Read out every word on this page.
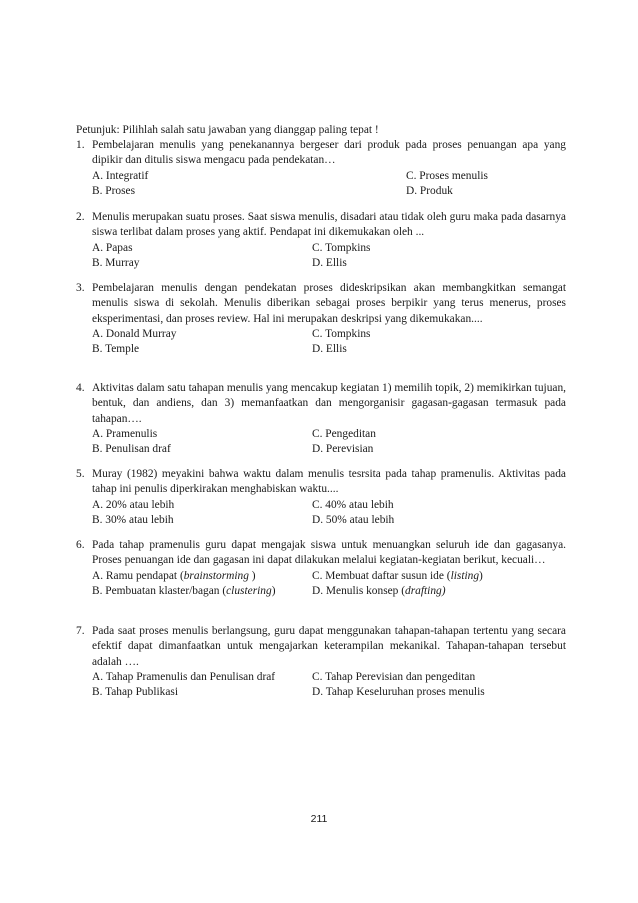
Petunjuk: Pilihlah salah satu jawaban yang dianggap paling tepat !
1. Pembelajaran menulis yang penekanannya bergeser dari produk pada proses penuangan apa yang dipikir dan ditulis siswa mengacu pada pendekatan…
A. Integratif	C. Proses menulis
B. Proses	D. Produk
2. Menulis merupakan suatu proses. Saat siswa menulis, disadari atau tidak oleh guru maka pada dasarnya siswa terlibat dalam proses yang aktif. Pendapat ini dikemukakan oleh ...
A. Papas	C. Tompkins
B. Murray	D. Ellis
3. Pembelajaran menulis dengan pendekatan proses dideskripsikan akan membangkitkan semangat menulis siswa di sekolah. Menulis diberikan sebagai proses berpikir yang terus menerus, proses eksperimentasi, dan proses review. Hal ini merupakan deskripsi yang dikemukakan....
A. Donald Murray	C. Tompkins
B. Temple	D. Ellis
4. Aktivitas dalam satu tahapan menulis yang mencakup kegiatan 1) memilih topik, 2) memikirkan tujuan, bentuk, dan andiens, dan 3) memanfaatkan dan mengorganisir gagasan-gagasan termasuk pada tahapan….
A. Pramenulis	C. Pengeditan
B. Penulisan draf	D. Perevisian
5. Muray (1982) meyakini bahwa waktu dalam menulis tesrsita pada tahap pramenulis. Aktivitas pada tahap ini penulis diperkirakan menghabiskan waktu....
A. 20% atau lebih	C. 40% atau lebih
B. 30% atau lebih	D. 50% atau lebih
6. Pada tahap pramenulis guru dapat mengajak siswa untuk menuangkan seluruh ide dan gagasanya. Proses penuangan ide dan gagasan ini dapat dilakukan melalui kegiatan-kegiatan berikut, kecuali…
A. Ramu pendapat (brainstorming )	C. Membuat daftar susun ide (listing)
B. Pembuatan klaster/bagan (clustering)	D. Menulis konsep (drafting)
7. Pada saat proses menulis berlangsung, guru dapat menggunakan tahapan-tahapan tertentu yang secara efektif dapat dimanfaatkan untuk mengajarkan keterampilan mekanikal. Tahapan-tahapan tersebut adalah ….
A. Tahap Pramenulis dan Penulisan draf	C. Tahap Perevisian dan pengeditan
B. Tahap Publikasi	D. Tahap Keseluruhan proses menulis
211
